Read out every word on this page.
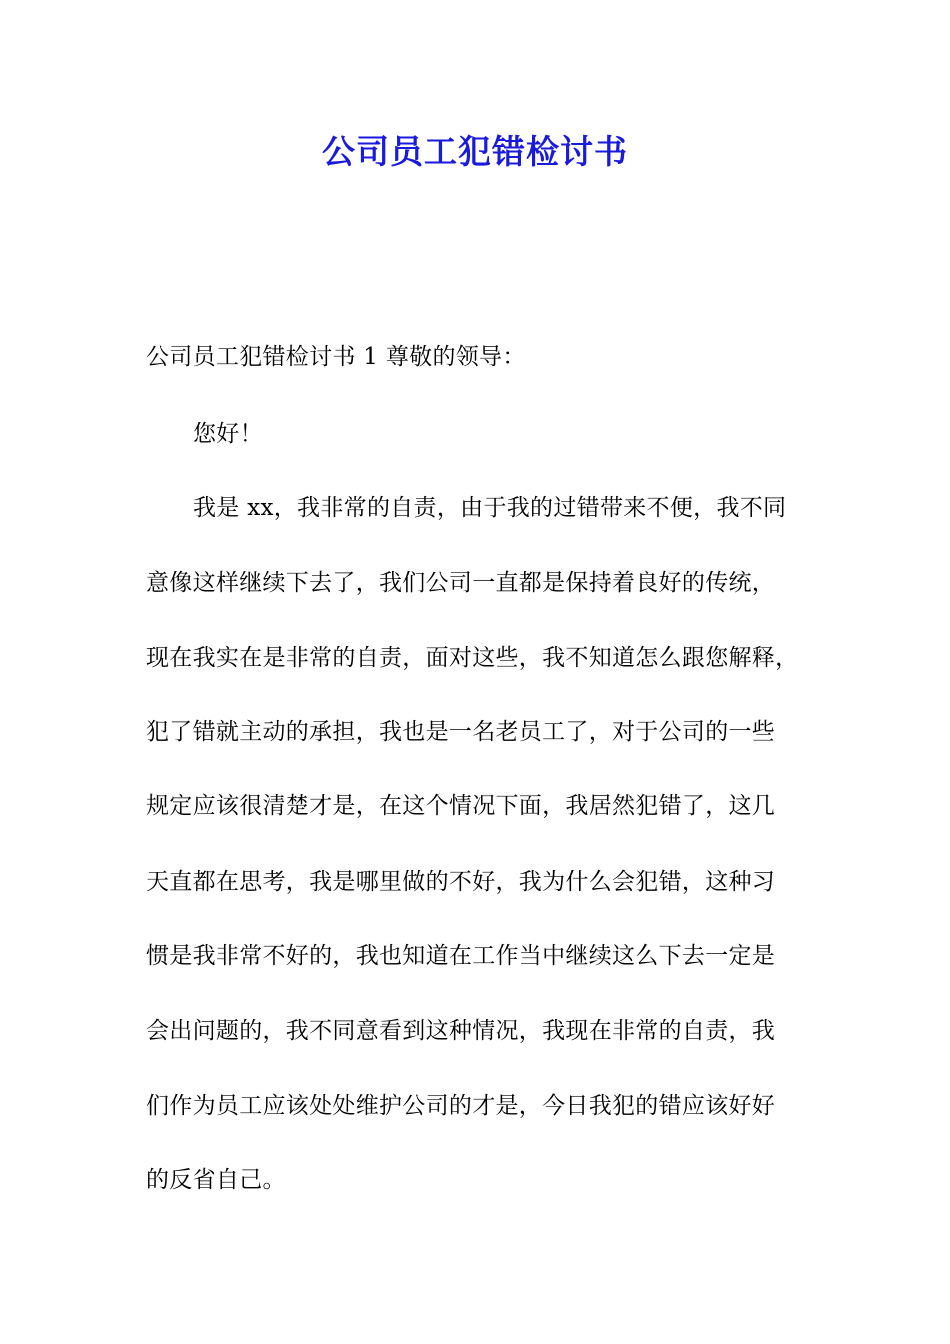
公司员工犯错检讨书

公司员工犯错检讨书 1 尊敬的领导：

您好！

我是 xx，我非常的自责，由于我的过错带来不便，我不同

意像这样继续下去了，我们公司一直都是保持着良好的传统，

现在我实在是非常的自责，面对这些，我不知道怎么跟您解释，

犯了错就主动的承担，我也是一名老员工了，对于公司的一些

规定应该很清楚才是，在这个情况下面，我居然犯错了，这几

天直都在思考，我是哪里做的不好，我为什么会犯错，这种习

惯是我非常不好的，我也知道在工作当中继续这么下去一定是

会出问题的，我不同意看到这种情况，我现在非常的自责，我

们作为员工应该处处维护公司的才是，今日我犯的错应该好好

的反省自己。
